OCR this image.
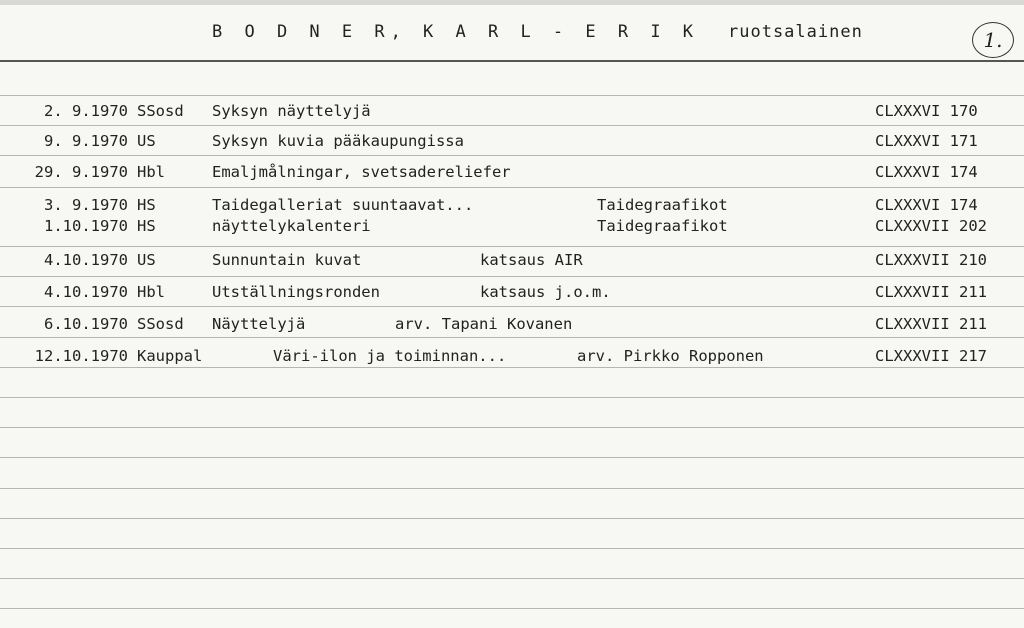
B O D N E R, K A R L - E R I K ruotsalainen	1.
2. 9.1970 SSosd Syksyn näyttelyjä	CLXXXVI 170
9. 9.1970 US	Syksyn kuvia pääkaupungissa	CLXXXVI 171
29. 9.1970 Hbl	Emaljmålningar, svetsadereliefer	CLXXXVI 174
3. 9.1970 HS	Taidegalleriat suuntaavat...	Taidegraafikot	CLXXXVI 174
1.10.1970 HS	näyttelykalenteri	Taidegraafikot	CLXXXVII 202
4.10.1970 US	Sunnuntain kuvat	katsaus AIR	CLXXXVII 210
4.10.1970 Hbl	Utställningsronden	katsaus j.o.m.	CLXXXVII 211
6.10.1970 SSosd Näyttelyjä	arv. Tapani Kovanen	CLXXXVII 211
12.10.1970 Kauppal	Väri-ilon ja toiminnan...	arv. Pirkko Ropponen	CLXXXVII 217
